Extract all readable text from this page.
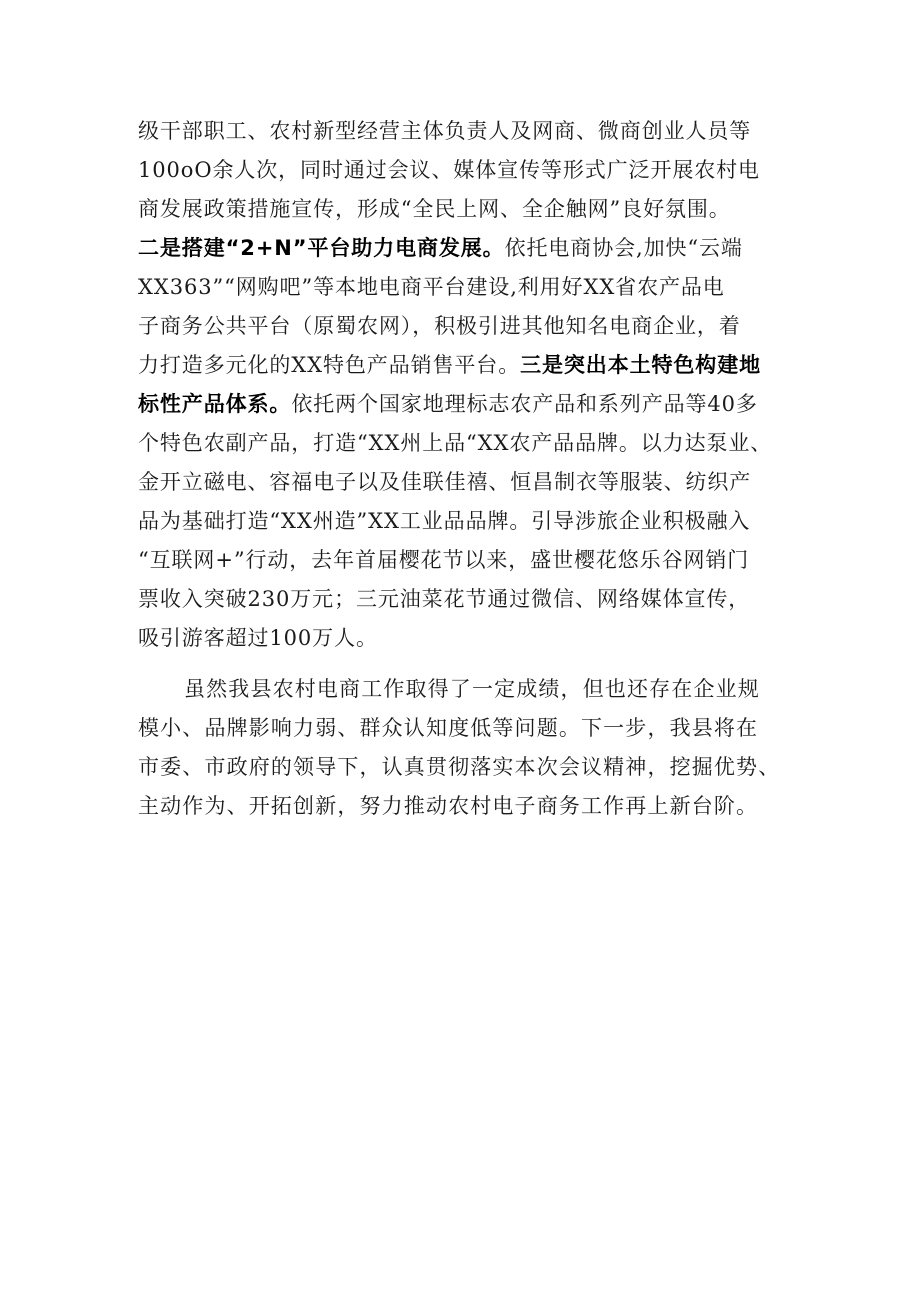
级干部职工、农村新型经营主体负责人及网商、微商创业人员等
100oO余人次，同时通过会议、媒体宣传等形式广泛开展农村电
商发展政策措施宣传，形成“全民上网、全企触网”良好氛围。
二是搭建“2+N”平台助力电商发展。依托电商协会,加快“云端
XX363”“网购吧”等本地电商平台建设,利用好XX省农产品电
子商务公共平台（原蜀农网），积极引进其他知名电商企业，着
力打造多元化的XX特色产品销售平台。三是突出本土特色构建地
标性产品体系。依托两个国家地理标志农产品和系列产品等40多
个特色农副产品，打造“XX州上品“XX农产品品牌。以力达泵业、
金开立磁电、容福电子以及佳联佳禧、恒昌制衣等服装、纺织产
品为基础打造“XX州造”XX工业品品牌。引导涉旅企业积极融入
“互联网+”行动，去年首届樱花节以来，盛世樱花悠乐谷网销门
票收入突破230万元；三元油菜花节通过微信、网络媒体宣传，
吸引游客超过100万人。
虽然我县农村电商工作取得了一定成绩，但也还存在企业规
模小、品牌影响力弱、群众认知度低等问题。下一步，我县将在
市委、市政府的领导下，认真贯彻落实本次会议精神，挖掘优势、
主动作为、开拓创新，努力推动农村电子商务工作再上新台阶。
